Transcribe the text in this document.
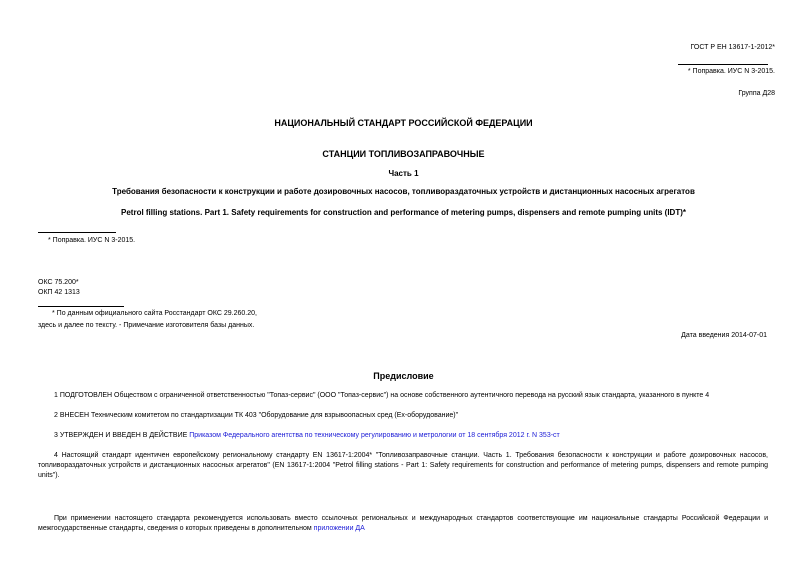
ГОСТ Р ЕН 13617-1-2012*
* Поправка. ИУС N 3-2015.
Группа Д28
НАЦИОНАЛЬНЫЙ СТАНДАРТ РОССИЙСКОЙ ФЕДЕРАЦИИ
СТАНЦИИ ТОПЛИВОЗАПРАВОЧНЫЕ
Часть 1
Требования безопасности к конструкции и работе дозировочных насосов, топливораздаточных устройств и дистанционных насосных агрегатов
Petrol filling stations. Part 1. Safety requirements for construction and performance of metering pumps, dispensers and remote pumping units (IDT)*
* Поправка. ИУС N 3-2015.
ОКС 75.200*
ОКП 42 1313
* По данным официального сайта Росстандарт ОКС 29.260.20,
здесь и далее по тексту. - Примечание изготовителя базы данных.
Дата введения 2014-07-01
Предисловие
1 ПОДГОТОВЛЕН Обществом с ограниченной ответственностью "Топаз-сервис" (ООО "Топаз-сервис") на основе собственного аутентичного перевода на русский язык стандарта, указанного в пункте 4
2 ВНЕСЕН Техническим комитетом по стандартизации ТК 403 "Оборудование для взрывоопасных сред (Ex-оборудование)"
3 УТВЕРЖДЕН И ВВЕДЕН В ДЕЙСТВИЕ Приказом Федерального агентства по техническому регулированию и метрологии от 18 сентября 2012 г. N 353-ст
4 Настоящий стандарт идентичен европейскому региональному стандарту EN 13617-1:2004* "Топливозаправочные станции. Часть 1. Требования безопасности к конструкции и работе дозировочных насосов, топливораздаточных устройств и дистанционных насосных агрегатов" (EN 13617-1:2004 "Petrol filling stations - Part 1: Safety requirements for construction and performance of metering pumps, dispensers and remote pumping units").
При применении настоящего стандарта рекомендуется использовать вместо ссылочных региональных и международных стандартов соответствующие им национальные стандарты Российской Федерации и межгосударственные стандарты, сведения о которых приведены в дополнительном приложении ДА
